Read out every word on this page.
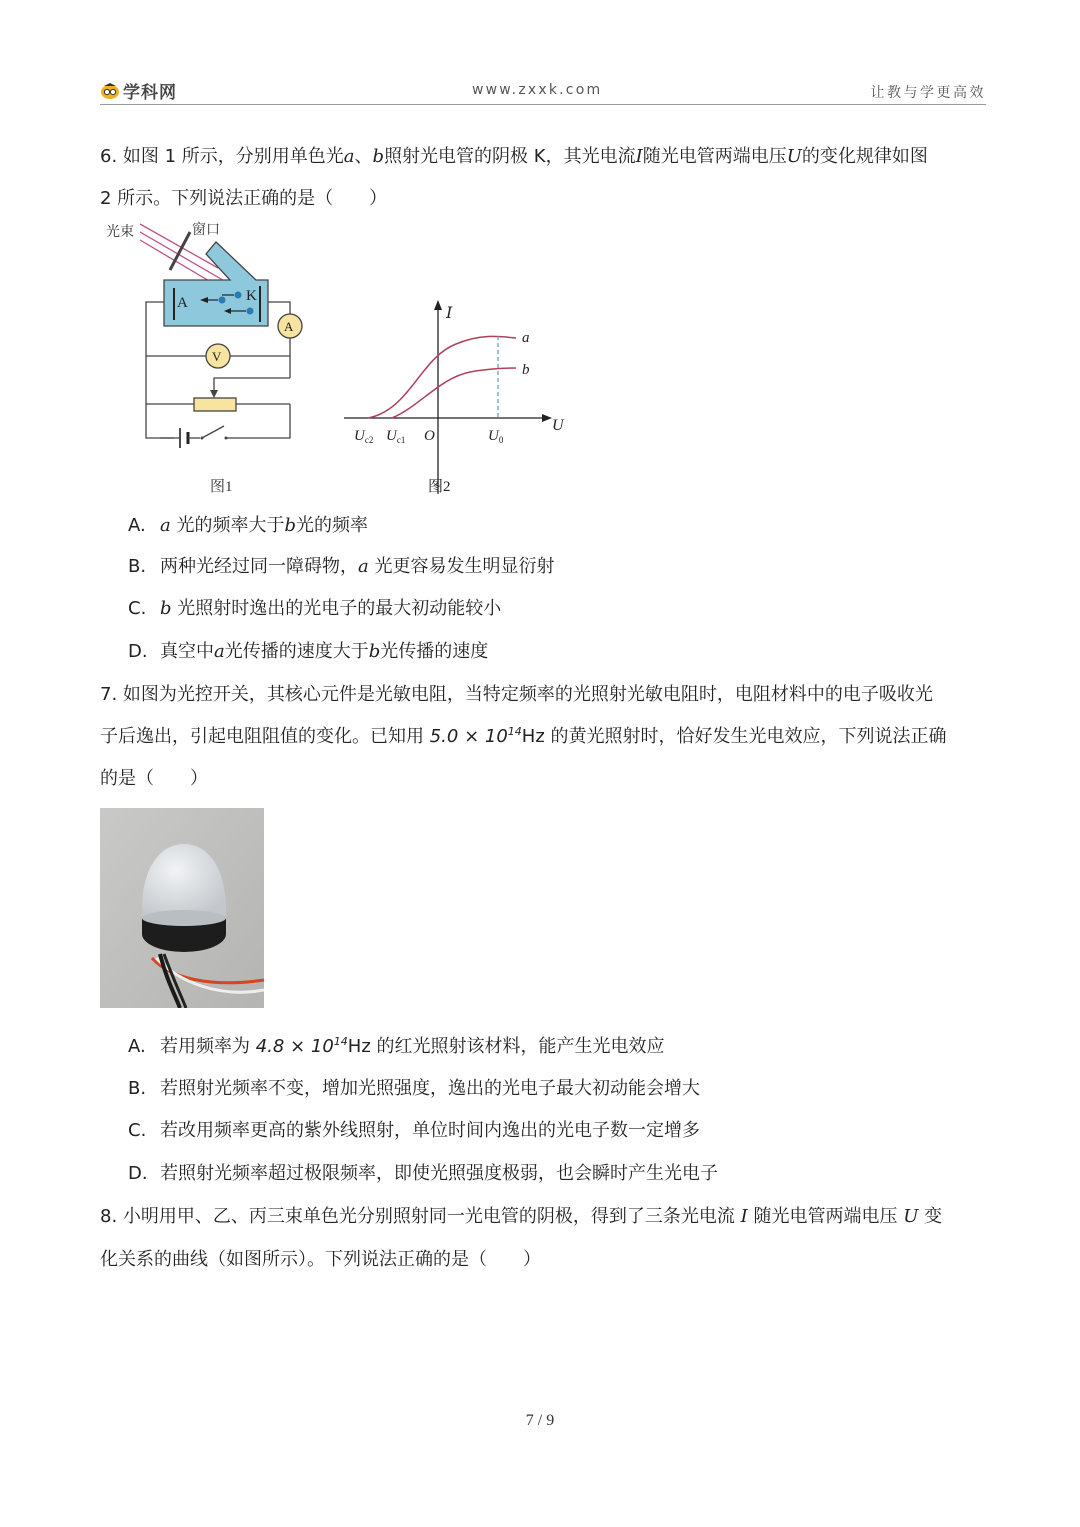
学科网	www.zxxk.com	让教与学更高效
6. 如图 1 所示，分别用单色光a、b照射光电管的阴极 K，其光电流I随光电管两端电压U的变化规律如图
2 所示。下列说法正确的是（　　）
光束	窗口
A	K
A
V
图1
I
U
a
b
$U_{c2}$ $U_{c1}$ O	$U_0$
图2
A. a 光的频率大于b光的频率
B. 两种光经过同一障碍物，a 光更容易发生明显衍射
C. b 光照射时逸出的光电子的最大初动能较小
D. 真空中a光传播的速度大于b光传播的速度
7. 如图为光控开关，其核心元件是光敏电阻，当特定频率的光照射光敏电阻时，电阻材料中的电子吸收光
子后逸出，引起电阻阻值的变化。已知用 $5.0 \times 10^{14}Hz$ 的黄光照射时，恰好发生光电效应，下列说法正确
的是（　　）
A. 若用频率为 $4.8 \times 10^{14}Hz$ 的红光照射该材料，能产生光电效应
B. 若照射光频率不变，增加光照强度，逸出的光电子最大初动能会增大
C. 若改用频率更高的紫外线照射，单位时间内逸出的光电子数一定增多
D. 若照射光频率超过极限频率，即使光照强度极弱，也会瞬时产生光电子
8. 小明用甲、乙、丙三束单色光分别照射同一光电管的阴极，得到了三条光电流 I 随光电管两端电压 U 变
化关系的曲线（如图所示）。下列说法正确的是（　　）
7 / 9
